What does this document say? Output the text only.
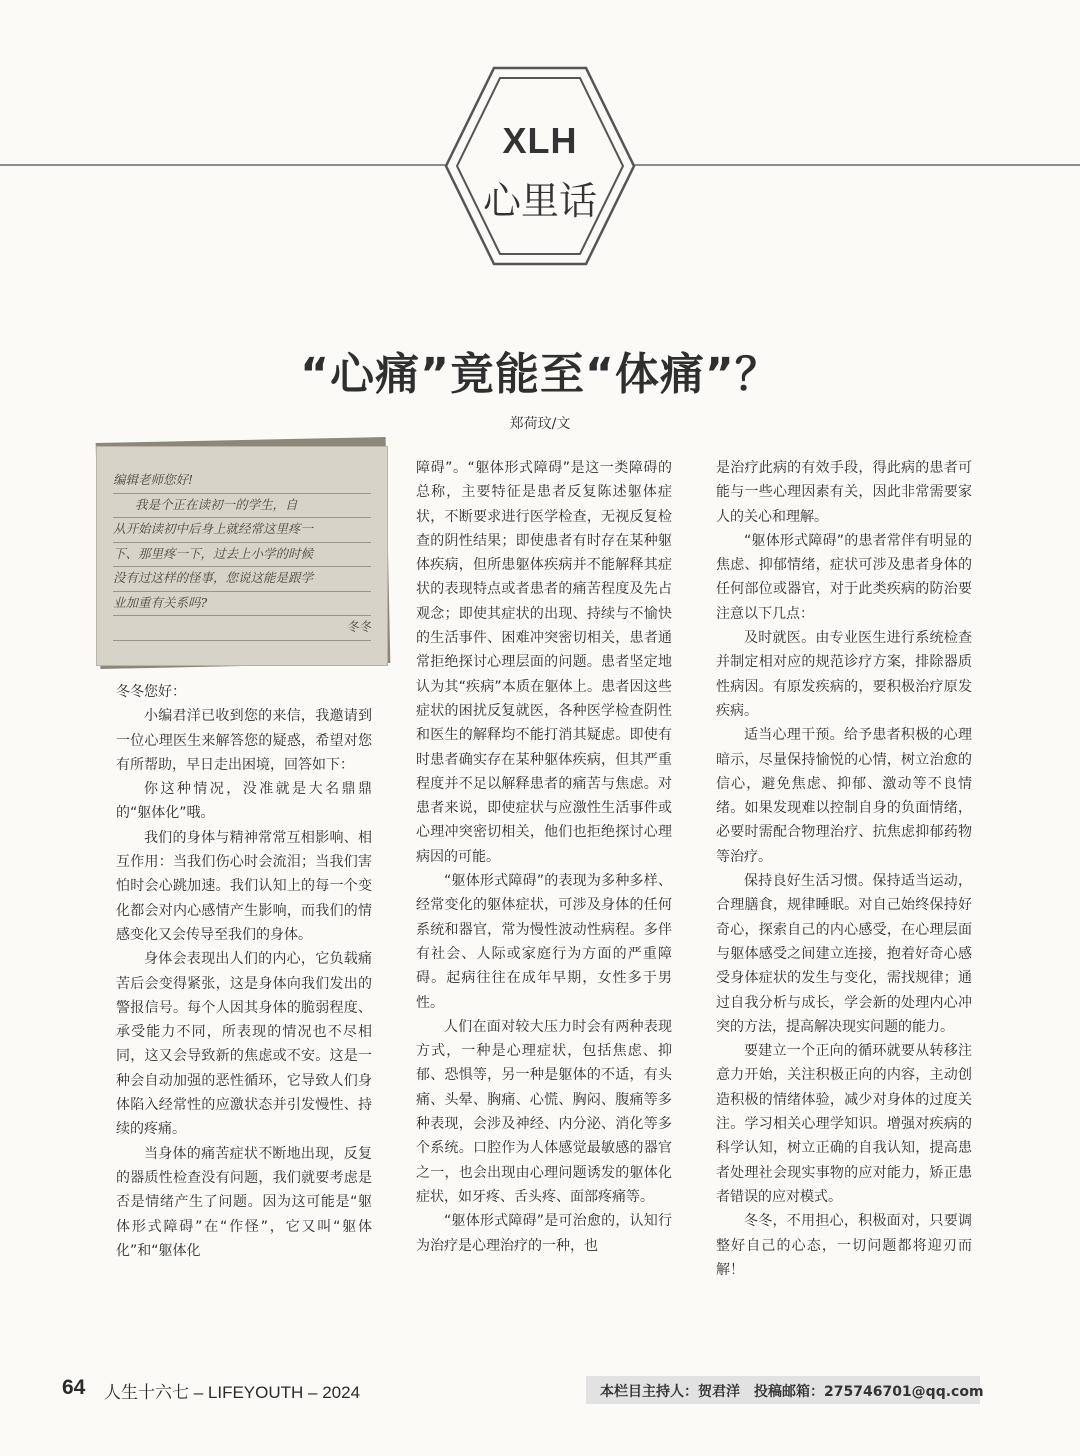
XLH
心里话
“心痛”竟能至“体痛”？
郑荷玟/文
编辑老师您好!
我是个正在读初一的学生，自
从开始读初中后身上就经常这里疼一
下、那里疼一下，过去上小学的时候
没有过这样的怪事，您说这能是跟学
业加重有关系吗?
冬冬

冬冬您好：

小编君洋已收到您的来信，我邀请到一位心理医生来解答您的疑惑，希望对您有所帮助，早日走出困境，回答如下：

你这种情况，没准就是大名鼎鼎的“躯体化”哦。

我们的身体与精神常常互相影响、相互作用：当我们伤心时会流泪；当我们害怕时会心跳加速。我们认知上的每一个变化都会对内心感情产生影响，而我们的情感变化又会传导至我们的身体。

身体会表现出人们的内心，它负载痛苦后会变得紧张，这是身体向我们发出的警报信号。每个人因其身体的脆弱程度、承受能力不同，所表现的情况也不尽相同，这又会导致新的焦虑或不安。这是一种会自动加强的恶性循环，它导致人们身体陷入经常性的应激状态并引发慢性、持续的疼痛。

当身体的痛苦症状不断地出现，反复的器质性检查没有问题，我们就要考虑是否是情绪产生了问题。因为这可能是“躯体形式障碍”在“作怪”，它又叫“躯体化”和“躯体化

障碍”。“躯体形式障碍”是这一类障碍的总称，主要特征是患者反复陈述躯体症状，不断要求进行医学检查，无视反复检查的阴性结果；即使患者有时存在某种躯体疾病，但所患躯体疾病并不能解释其症状的表现特点或者患者的痛苦程度及先占观念；即使其症状的出现、持续与不愉快的生活事件、困难冲突密切相关，患者通常拒绝探讨心理层面的问题。患者坚定地认为其“疾病”本质在躯体上。患者因这些症状的困扰反复就医，各种医学检查阴性和医生的解释均不能打消其疑虑。即使有时患者确实存在某种躯体疾病，但其严重程度并不足以解释患者的痛苦与焦虑。对患者来说，即使症状与应激性生活事件或心理冲突密切相关，他们也拒绝探讨心理病因的可能。

“躯体形式障碍”的表现为多种多样、经常变化的躯体症状，可涉及身体的任何系统和器官，常为慢性波动性病程。多伴有社会、人际或家庭行为方面的严重障碍。起病往往在成年早期，女性多于男性。

人们在面对较大压力时会有两种表现方式，一种是心理症状，包括焦虑、抑郁、恐惧等，另一种是躯体的不适，有头痛、头晕、胸痛、心慌、胸闷、腹痛等多种表现，会涉及神经、内分泌、消化等多个系统。口腔作为人体感觉最敏感的器官之一，也会出现由心理问题诱发的躯体化症状，如牙疼、舌头疼、面部疼痛等。

“躯体形式障碍”是可治愈的，认知行为治疗是心理治疗的一种，也

是治疗此病的有效手段，得此病的患者可能与一些心理因素有关，因此非常需要家人的关心和理解。

“躯体形式障碍”的患者常伴有明显的焦虑、抑郁情绪，症状可涉及患者身体的任何部位或器官，对于此类疾病的防治要注意以下几点：

及时就医。由专业医生进行系统检查并制定相对应的规范诊疗方案，排除器质性病因。有原发疾病的，要积极治疗原发疾病。

适当心理干预。给予患者积极的心理暗示，尽量保持愉悦的心情，树立治愈的信心，避免焦虑、抑郁、激动等不良情绪。如果发现难以控制自身的负面情绪，必要时需配合物理治疗、抗焦虑抑郁药物等治疗。

保持良好生活习惯。保持适当运动，合理膳食，规律睡眠。对自己始终保持好奇心，探索自己的内心感受，在心理层面与躯体感受之间建立连接，抱着好奇心感受身体症状的发生与变化，需找规律；通过自我分析与成长，学会新的处理内心冲突的方法，提高解决现实问题的能力。

要建立一个正向的循环就要从转移注意力开始，关注积极正向的内容，主动创造积极的情绪体验，减少对身体的过度关注。学习相关心理学知识。增强对疾病的科学认知，树立正确的自我认知，提高患者处理社会现实事物的应对能力，矫正患者错误的应对模式。

冬冬，不用担心，积极面对，只要调整好自己的心态，一切问题都将迎刃而解！

64 人生十六七 – LIFEYOUTH – 2024	本栏目主持人：贺君洋　投稿邮箱：275746701@qq.com
